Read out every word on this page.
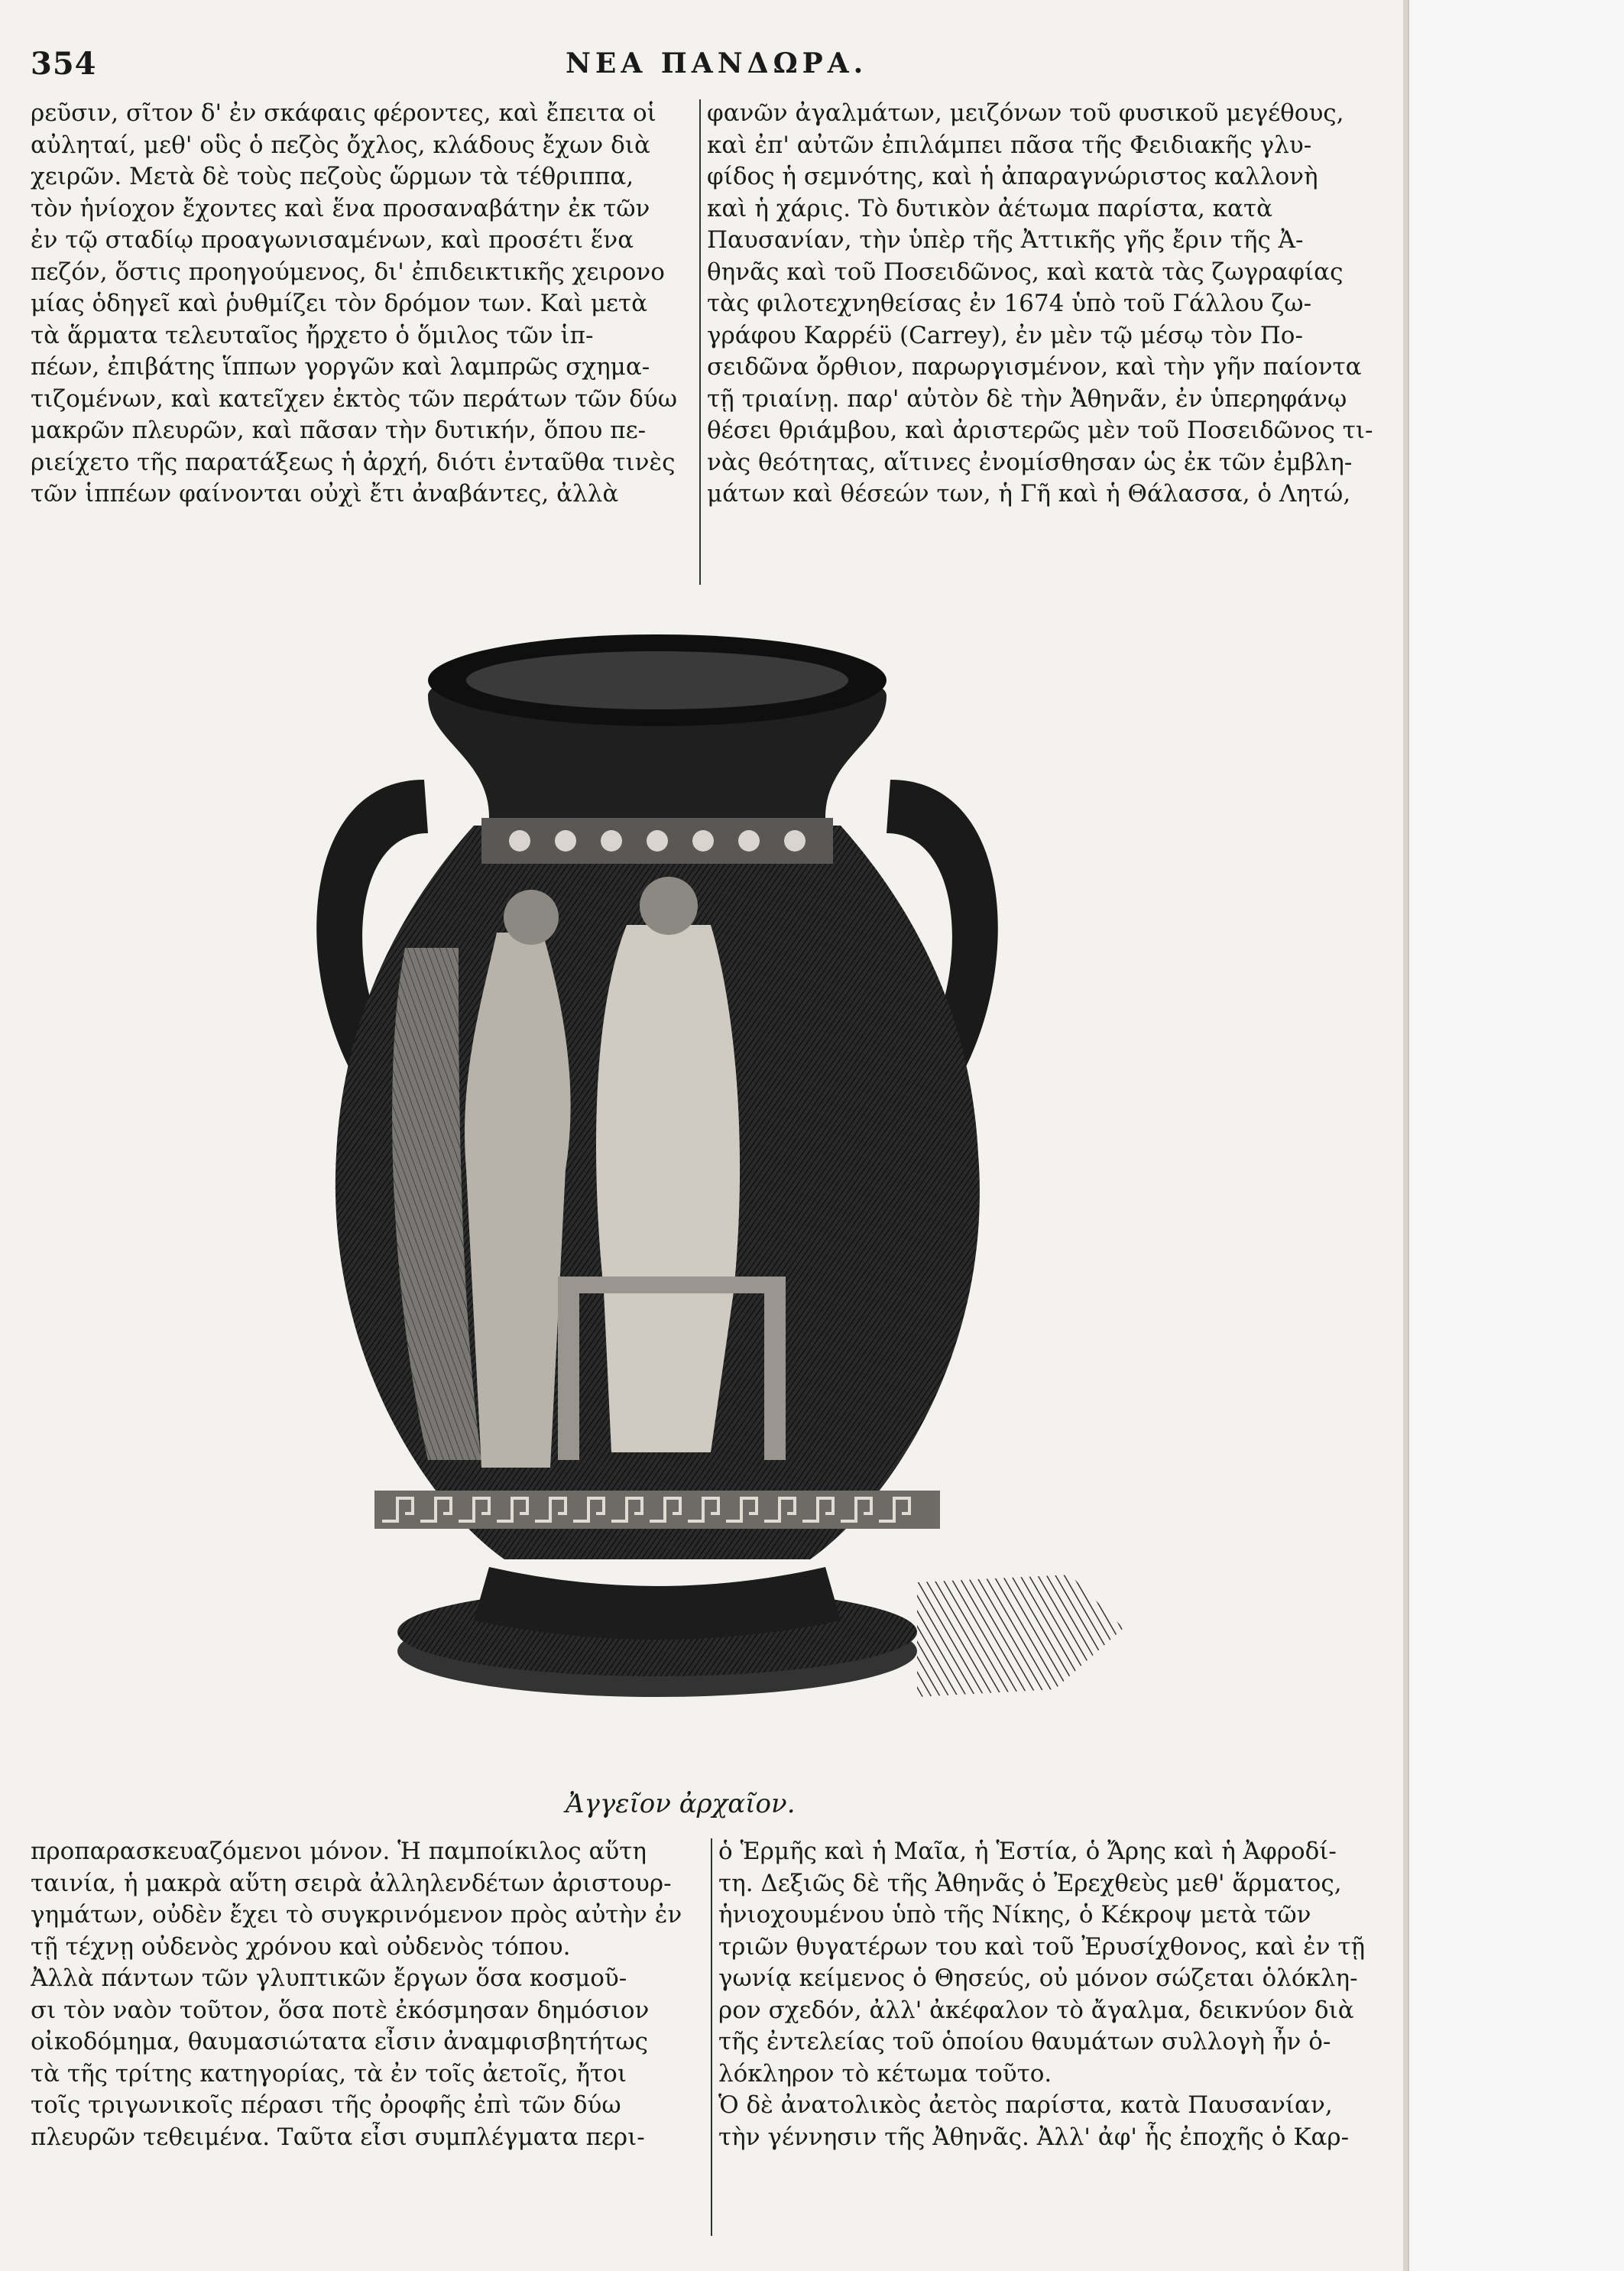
354	ΝΕΑ ΠΑΝΔΩΡΑ.
ρεῦσιν, σῖτον δ' ἐν σκάφαις φέροντες, καὶ ἔπειτα οἱ
αὐληταί, μεθ' οὓς ὁ πεζὸς ὄχλος, κλάδους ἔχων διὰ
χειρῶν. Μετὰ δὲ τοὺς πεζοὺς ὥρμων τὰ τέθριππα,
τὸν ἡνίοχον ἔχοντες καὶ ἕνα προσαναβάτην ἐκ τῶν
ἐν τῷ σταδίῳ προαγωνισαμένων, καὶ προσέτι ἕνα
πεζόν, ὅστις προηγούμενος, δι' ἐπιδεικτικῆς χειρονο
μίας ὁδηγεῖ καὶ ῥυθμίζει τὸν δρόμον των. Καὶ μετὰ
τὰ ἅρματα τελευταῖος ἤρχετο ὁ ὅμιλος τῶν ἱπ-
πέων, ἐπιβάτης ἵππων γοργῶν καὶ λαμπρῶς σχημα-
τιζομένων, καὶ κατεῖχεν ἐκτὸς τῶν περάτων τῶν δύω
μακρῶν πλευρῶν, καὶ πᾶσαν τὴν δυτικήν, ὅπου πε-
ριείχετο τῆς παρατάξεως ἡ ἀρχή, διότι ἐνταῦθα τινὲς
τῶν ἱππέων φαίνονται οὐχὶ ἔτι ἀναβάντες, ἀλλὰ
φανῶν ἀγαλμάτων, μειζόνων τοῦ φυσικοῦ μεγέθους,
καὶ ἐπ' αὐτῶν ἐπιλάμπει πᾶσα τῆς Φειδιακῆς γλυ-
φίδος ἡ σεμνότης, καὶ ἡ ἀπαραγνώριστος καλλονὴ
καὶ ἡ χάρις. Τὸ δυτικὸν ἀέτωμα παρίστα, κατὰ
Παυσανίαν, τὴν ὑπὲρ τῆς Ἀττικῆς γῆς ἔριν τῆς Ἀ-
θηνᾶς καὶ τοῦ Ποσειδῶνος, καὶ κατὰ τὰς ζωγραφίας
τὰς φιλοτεχνηθείσας ἐν 1674 ὑπὸ τοῦ Γάλλου ζω-
γράφου Καρρέϋ (Carrey), ἐν μὲν τῷ μέσῳ τὸν Πο-
σειδῶνα ὄρθιον, παρωργισμένον, καὶ τὴν γῆν παίοντα
τῇ τριαίνῃ. παρ' αὐτὸν δὲ τὴν Ἀθηνᾶν, ἐν ὑπερηφάνῳ
θέσει θριάμβου, καὶ ἀριστερῶς μὲν τοῦ Ποσειδῶνος τι-
νὰς θεότητας, αἵτινες ἐνομίσθησαν ὡς ἐκ τῶν ἐμβλη-
μάτων καὶ θέσεών των, ἡ Γῆ καὶ ἡ Θάλασσα, ὁ Λητώ,
Ἀγγεῖον ἀρχαῖον.
προπαρασκευαζόμενοι μόνον. Ἡ παμποίκιλος αὕτη
ταινία, ἡ μακρὰ αὕτη σειρὰ ἀλληλενδέτων ἀριστουρ-
γημάτων, οὐδὲν ἔχει τὸ συγκρινόμενον πρὸς αὐτὴν ἐν
τῇ τέχνῃ οὐδενὸς χρόνου καὶ οὐδενὸς τόπου.
Ἀλλὰ πάντων τῶν γλυπτικῶν ἔργων ὅσα κοσμοῦ-
σι τὸν ναὸν τοῦτον, ὅσα ποτὲ ἐκόσμησαν δημόσιον
οἰκοδόμημα, θαυμασιώτατα εἶσιν ἀναμφισβητήτως
τὰ τῆς τρίτης κατηγορίας, τὰ ἐν τοῖς ἀετοῖς, ἤτοι
τοῖς τριγωνικοῖς πέρασι τῆς ὀροφῆς ἐπὶ τῶν δύω
πλευρῶν τεθειμένα. Ταῦτα εἶσι συμπλέγματα περι-
ὁ Ἑρμῆς καὶ ἡ Μαῖα, ἡ Ἑστία, ὁ Ἄρης καὶ ἡ Ἀφροδί-
τη. Δεξιῶς δὲ τῆς Ἀθηνᾶς ὁ Ἐρεχθεὺς μεθ' ἅρματος,
ἡνιοχουμένου ὑπὸ τῆς Νίκης, ὁ Κέκροψ μετὰ τῶν
τριῶν θυγατέρων του καὶ τοῦ Ἐρυσίχθονος, καὶ ἐν τῇ
γωνίᾳ κείμενος ὁ Θησεύς, οὐ μόνον σώζεται ὁλόκλη-
ρον σχεδόν, ἀλλ' ἀκέφαλον τὸ ἄγαλμα, δεικνύον διὰ
τῆς ἐντελείας τοῦ ὁποίου θαυμάτων συλλογὴ ἦν ὁ-
λόκληρον τὸ κέτωμα τοῦτο.
Ὁ δὲ ἀνατολικὸς ἀετὸς παρίστα, κατὰ Παυσανίαν,
τὴν γέννησιν τῆς Ἀθηνᾶς. Ἀλλ' ἀφ' ἧς ἐποχῆς ὁ Καρ-
